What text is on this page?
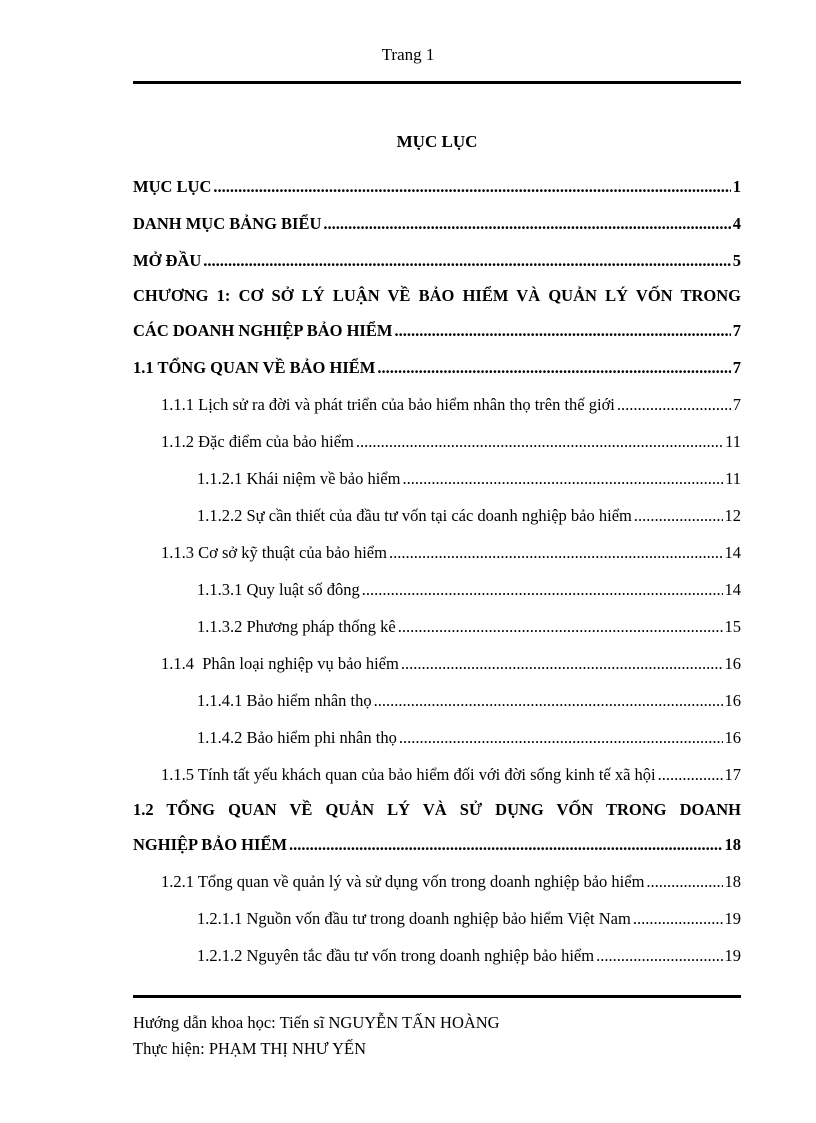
Trang 1
MỤC LỤC
MỤC LỤC .....	1
DANH MỤC BẢNG BIỂU .....	4
MỞ ĐẦU .....	5
CHƯƠNG 1: CƠ SỞ LÝ LUẬN VỀ BẢO HIỂM VÀ QUẢN LÝ VỐN TRONG
CÁC DOANH NGHIỆP BẢO HIỂM .....	7
1.1 TỔNG QUAN VỀ BẢO HIỂM .....	7
1.1.1 Lịch sử ra đời và phát triển của bảo hiểm nhân thọ trên thế giới .....	7
1.1.2 Đặc điểm của bảo hiểm .....	11
1.1.2.1 Khái niệm về bảo hiểm .....	11
1.1.2.2 Sự cần thiết của đầu tư vốn tại các doanh nghiệp bảo hiểm .....	12
1.1.3 Cơ sở kỹ thuật của bảo hiểm .....	14
1.1.3.1 Quy luật số đông .....	14
1.1.3.2 Phương pháp thống kê .....	15
1.1.4  Phân loại nghiệp vụ bảo hiểm .....	16
1.1.4.1 Bảo hiểm nhân thọ .....	16
1.1.4.2 Bảo hiểm phi nhân thọ .....	16
1.1.5 Tính tất yếu khách quan của bảo hiểm đối với đời sống kinh tế xã hội .....	17
1.2 TỔNG QUAN VỀ QUẢN LÝ VÀ SỬ DỤNG VỐN TRONG DOANH
NGHIỆP BẢO HIỂM .....	18
1.2.1 Tổng quan về quản lý và sử dụng vốn trong doanh nghiệp bảo hiểm .....	18
1.2.1.1 Nguồn vốn đầu tư trong doanh nghiệp bảo hiểm Việt Nam .....	19
1.2.1.2 Nguyên tắc đầu tư vốn trong doanh nghiệp bảo hiểm .....	19
Hướng dẫn khoa học: Tiến sĩ NGUYỄN TẤN HOÀNG
Thực hiện: PHẠM THỊ NHƯ YẾN
